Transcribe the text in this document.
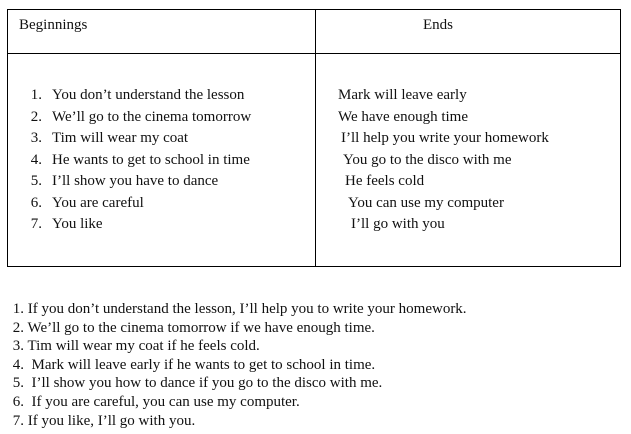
Beginnings	Ends
1. You don’t understand the lesson
2. We’ll go to the cinema tomorrow
3. Tim will wear my coat
4. He wants to get to school in time
5. I’ll show you have to dance
6. You are careful
7. You like
Mark will leave early
We have enough time
I’ll help you write your homework
You go to the disco with me
He feels cold
You can use my computer
I’ll go with you
1. If you don’t understand the lesson, I’ll help you to write your homework.
2. We’ll go to the cinema tomorrow if we have enough time.
3. Tim will wear my coat if he feels cold.
4. Mark will leave early if he wants to get to school in time.
5. I’ll show you how to dance if you go to the disco with me.
6. If you are careful, you can use my computer.
7. If you like, I’ll go with you.
